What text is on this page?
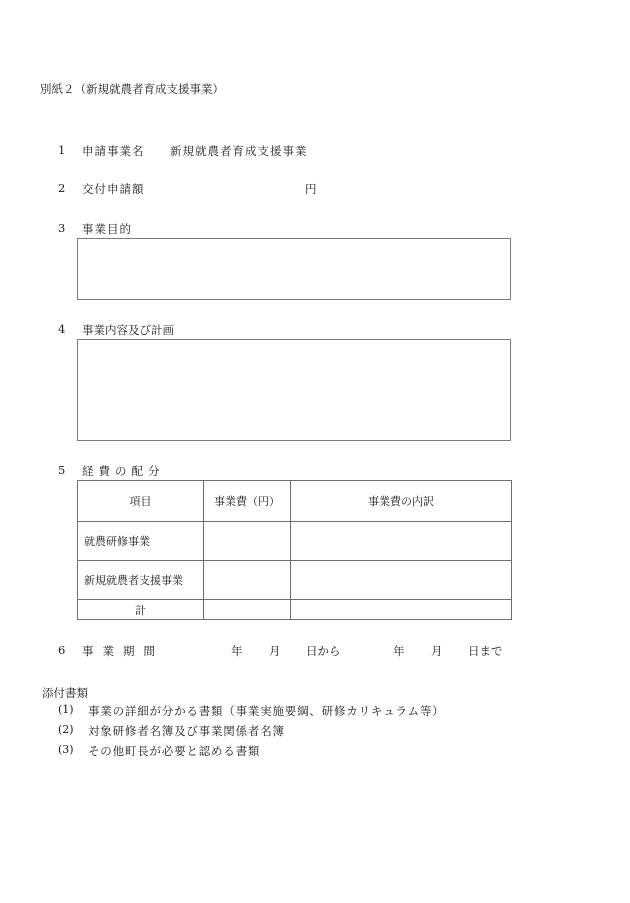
別紙２（新規就農者育成支援事業）
1 申請事業名 新規就農者育成支援事業
2 交付申請額	円
3 事業目的
4 事業内容及び計画
5 経費の配分
項目	事業費（円）	事業費の内訳
就農研修事業		
新規就農者支援事業		
計		
6 事業期間	年 月 日から	年 月 日まで
添付書類
(1) 事業の詳細が分かる書類（事業実施要綱、研修カリキュラム等）
(2) 対象研修者名簿及び事業関係者名簿
(3) その他町長が必要と認める書類
